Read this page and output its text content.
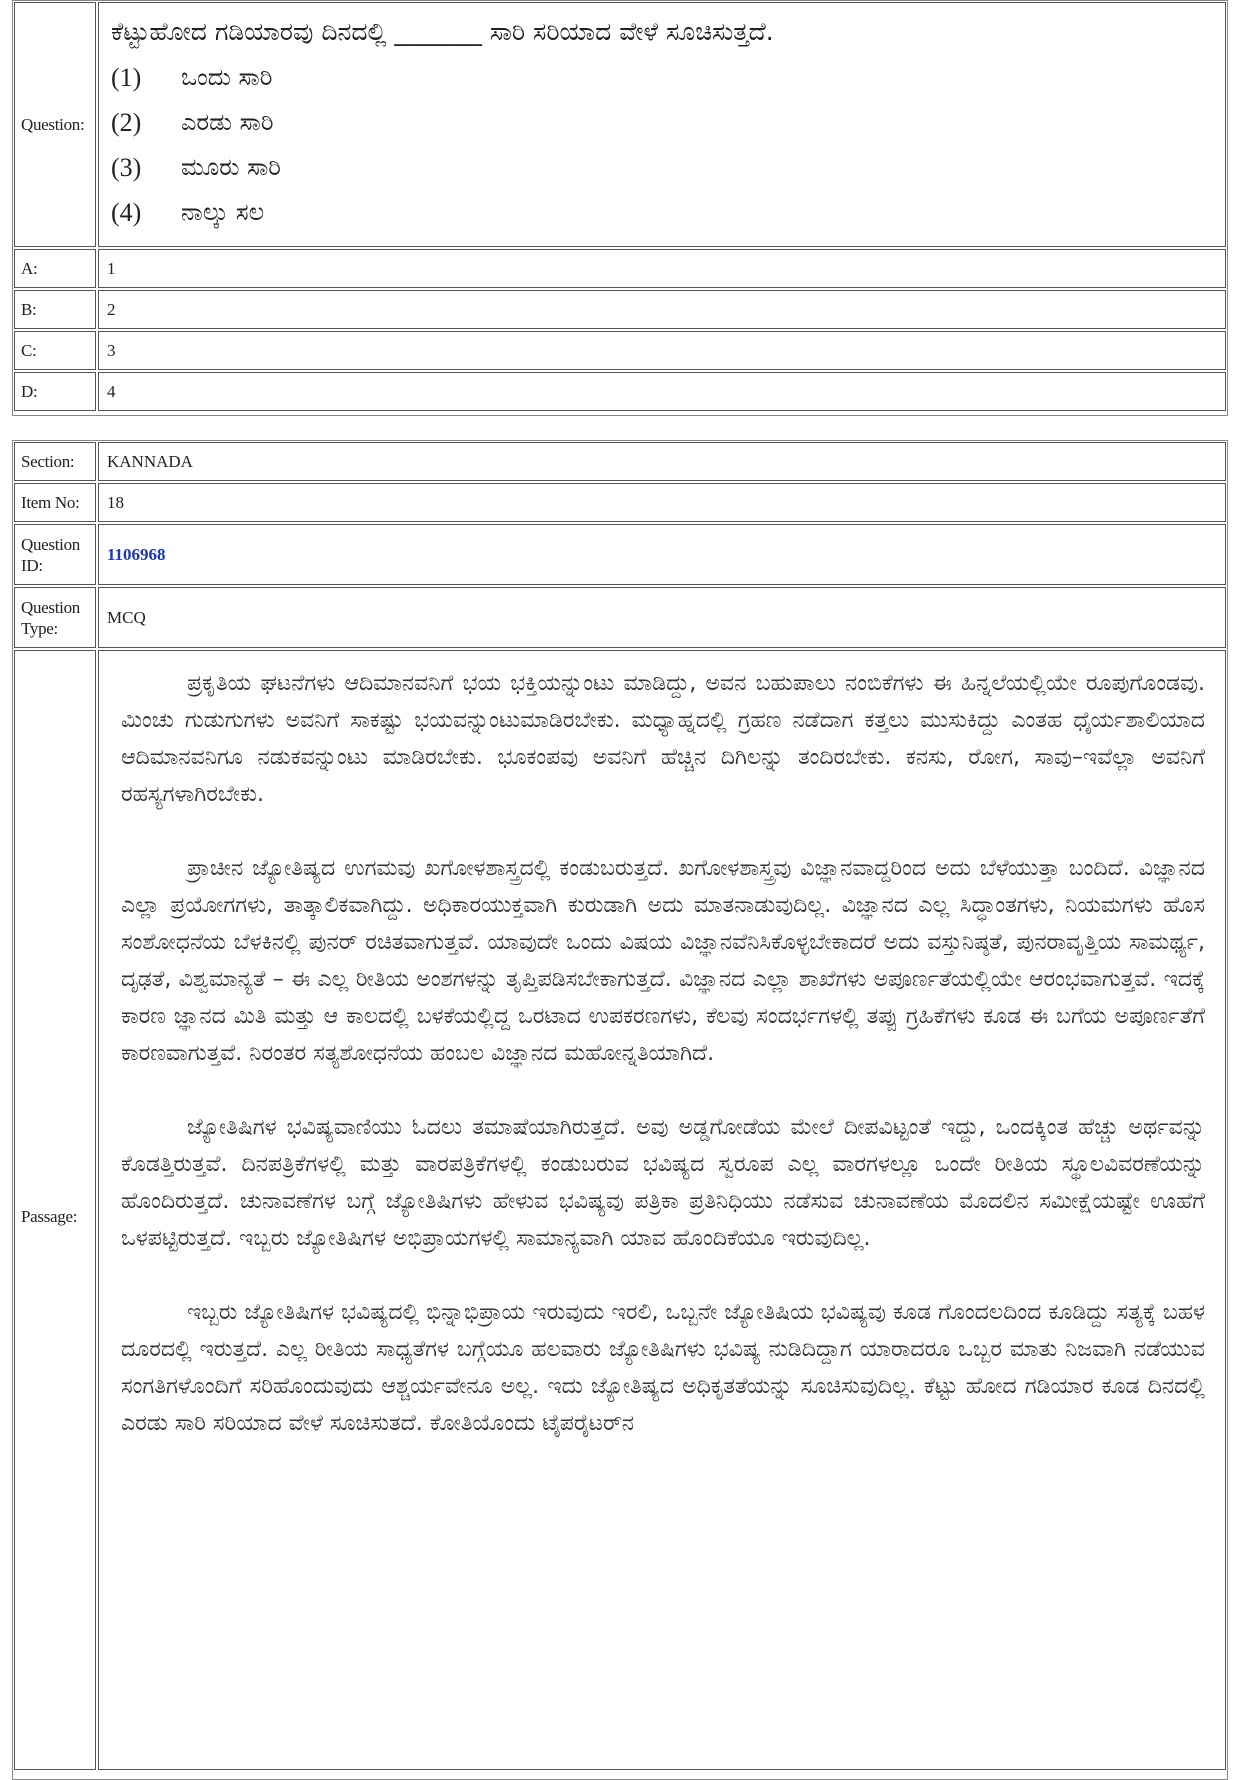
Question:
ಕೆಟ್ಟುಹೋದ ಗಡಿಯಾರವು ದಿನದಲ್ಲಿ _______ ಸಾರಿ ಸರಿಯಾದ ವೇಳೆ ಸೂಚಿಸುತ್ತದೆ.
(1)	ಒಂದು ಸಾರಿ
(2)	ಎರಡು ಸಾರಿ
(3)	ಮೂರು ಸಾರಿ
(4)	ನಾಲ್ಕು ಸಲ
A:	1
B:	2
C:	3
D:	4
Section:	KANNADA
Item No:	18
Question ID:
1106968
Question Type:
MCQ
Passage:

ಪ್ರಕೃತಿಯ ಘಟನೆಗಳು ಆದಿಮಾನವನಿಗೆ ಭಯ ಭಕ್ತಿಯನ್ನುಂಟು ಮಾಡಿದ್ದು, ಅವನ ಬಹುಪಾಲು ನಂಬಿಕೆಗಳು ಈ ಹಿನ್ನಲೆಯಲ್ಲಿಯೇ ರೂಪುಗೊಂಡವು. ಮಿಂಚು ಗುಡುಗುಗಳು ಅವನಿಗೆ ಸಾಕಷ್ಟು ಭಯವನ್ನುಂಟುಮಾಡಿರಬೇಕು. ಮಧ್ಯಾಹ್ನದಲ್ಲಿ ಗ್ರಹಣ ನಡೆದಾಗ ಕತ್ತಲು ಮುಸುಕಿದ್ದು ಎಂತಹ ಧೈರ್ಯಶಾಲಿಯಾದ ಆದಿಮಾನವನಿಗೂ ನಡುಕವನ್ನುಂಟು ಮಾಡಿರಬೇಕು. ಭೂಕಂಪವು ಅವನಿಗೆ ಹೆಚ್ಚಿನ ದಿಗಿಲನ್ನು ತಂದಿರಬೇಕು. ಕನಸು, ರೋಗ, ಸಾವು–ಇವೆಲ್ಲಾ ಅವನಿಗೆ ರಹಸ್ಯಗಳಾಗಿರಬೇಕು.

ಪ್ರಾಚೀನ ಜ್ಯೋತಿಷ್ಯದ ಉಗಮವು ಖಗೋಳಶಾಸ್ತ್ರದಲ್ಲಿ ಕಂಡುಬರುತ್ತದೆ. ಖಗೋಳಶಾಸ್ತ್ರವು ವಿಜ್ಞಾನವಾದ್ದರಿಂದ ಅದು ಬೆಳೆಯುತ್ತಾ ಬಂದಿದೆ. ವಿಜ್ಞಾನದ ಎಲ್ಲಾ ಪ್ರಯೋಗಗಳು, ತಾತ್ಕಾಲಿಕವಾಗಿದ್ದು. ಅಧಿಕಾರಯುಕ್ತವಾಗಿ ಕುರುಡಾಗಿ ಅದು ಮಾತನಾಡುವುದಿಲ್ಲ. ವಿಜ್ಞಾನದ ಎಲ್ಲ ಸಿದ್ಧಾಂತಗಳು, ನಿಯಮಗಳು ಹೊಸ ಸಂಶೋಧನೆಯ ಬೆಳಕಿನಲ್ಲಿ ಪುನರ್ ರಚಿತವಾಗುತ್ತವೆ. ಯಾವುದೇ ಒಂದು ವಿಷಯ ವಿಜ್ಞಾನವೆನಿಸಿಕೊಳ್ಳಬೇಕಾದರೆ ಅದು ವಸ್ತುನಿಷ್ಠತೆ, ಪುನರಾವೃತ್ತಿಯ ಸಾಮರ್ಥ್ಯ, ದೃಢತೆ, ವಿಶ್ವಮಾನ್ಯತೆ – ಈ ಎಲ್ಲ ರೀತಿಯ ಅಂಶಗಳನ್ನು ತೃಪ್ತಿಪಡಿಸಬೇಕಾಗುತ್ತದೆ. ವಿಜ್ಞಾನದ ಎಲ್ಲಾ ಶಾಖೆಗಳು ಅಪೂರ್ಣತೆಯಲ್ಲಿಯೇ ಆರಂಭವಾಗುತ್ತವೆ. ಇದಕ್ಕೆ ಕಾರಣ ಜ್ಞಾನದ ಮಿತಿ ಮತ್ತು ಆ ಕಾಲದಲ್ಲಿ ಬಳಕೆಯಲ್ಲಿದ್ದ ಒರಟಾದ ಉಪಕರಣಗಳು, ಕೆಲವು ಸಂದರ್ಭಗಳಲ್ಲಿ ತಪ್ಪು ಗ್ರಹಿಕೆಗಳು ಕೂಡ ಈ ಬಗೆಯ ಅಪೂರ್ಣತೆಗೆ ಕಾರಣವಾಗುತ್ತವೆ. ನಿರಂತರ ಸತ್ಯಶೋಧನೆಯ ಹಂಬಲ ವಿಜ್ಞಾನದ ಮಹೋನ್ನತಿಯಾಗಿದೆ.

ಜ್ಯೋತಿಷಿಗಳ ಭವಿಷ್ಯವಾಣಿಯು ಓದಲು ತಮಾಷೆಯಾಗಿರುತ್ತದೆ. ಅವು ಅಡ್ಡಗೋಡೆಯ ಮೇಲೆ ದೀಪವಿಟ್ಟಂತೆ ಇದ್ದು, ಒಂದಕ್ಕಿಂತ ಹೆಚ್ಚು ಅರ್ಥವನ್ನು ಕೊಡತ್ತಿರುತ್ತವೆ. ದಿನಪತ್ರಿಕೆಗಳಲ್ಲಿ ಮತ್ತು ವಾರಪತ್ರಿಕೆಗಳಲ್ಲಿ ಕಂಡುಬರುವ ಭವಿಷ್ಯದ ಸ್ವರೂಪ ಎಲ್ಲ ವಾರಗಳಲ್ಲೂ ಒಂದೇ ರೀತಿಯ ಸ್ಥೂಲವಿವರಣೆಯನ್ನು ಹೊಂದಿರುತ್ತದೆ. ಚುನಾವಣೆಗಳ ಬಗ್ಗೆ ಜ್ಯೋತಿಷಿಗಳು ಹೇಳುವ ಭವಿಷ್ಯವು ಪತ್ರಿಕಾ ಪ್ರತಿನಿಧಿಯು ನಡೆಸುವ ಚುನಾವಣೆಯ ಮೊದಲಿನ ಸಮೀಕ್ಷೆಯಷ್ಟೇ ಊಹೆಗೆ ಒಳಪಟ್ಟಿರುತ್ತದೆ. ಇಬ್ಬರು ಜ್ಯೋತಿಷಿಗಳ ಅಭಿಪ್ರಾಯಗಳಲ್ಲಿ ಸಾಮಾನ್ಯವಾಗಿ ಯಾವ ಹೊಂದಿಕೆಯೂ ಇರುವುದಿಲ್ಲ.

ಇಬ್ಬರು ಜ್ಯೋತಿಷಿಗಳ ಭವಿಷ್ಯದಲ್ಲಿ ಭಿನ್ನಾಭಿಪ್ರಾಯ ಇರುವುದು ಇರಲಿ, ಒಬ್ಬನೇ ಜ್ಯೋತಿಷಿಯ ಭವಿಷ್ಯವು ಕೂಡ ಗೊಂದಲದಿಂದ ಕೂಡಿದ್ದು ಸತ್ಯಕ್ಕೆ ಬಹಳ ದೂರದಲ್ಲಿ ಇರುತ್ತದೆ. ಎಲ್ಲ ರೀತಿಯ ಸಾಧ್ಯತೆಗಳ ಬಗ್ಗೆಯೂ ಹಲವಾರು ಜ್ಯೋತಿಷಿಗಳು ಭವಿಷ್ಯ ನುಡಿದಿದ್ದಾಗ ಯಾರಾದರೂ ಒಬ್ಬರ ಮಾತು ನಿಜವಾಗಿ ನಡೆಯುವ ಸಂಗತಿಗಳೊಂದಿಗೆ ಸರಿಹೊಂದುವುದು ಆಶ್ಚರ್ಯವೇನೂ ಅಲ್ಲ. ಇದು ಜ್ಯೋತಿಷ್ಯದ ಅಧಿಕೃತತೆಯನ್ನು ಸೂಚಿಸುವುದಿಲ್ಲ. ಕೆಟ್ಟು ಹೋದ ಗಡಿಯಾರ ಕೂಡ ದಿನದಲ್ಲಿ ಎರಡು ಸಾರಿ ಸರಿಯಾದ ವೇಳೆ ಸೂಚಿಸುತದೆ. ಕೋತಿಯೊಂದು ಟೈಪರೈಟರ್‌ನ
